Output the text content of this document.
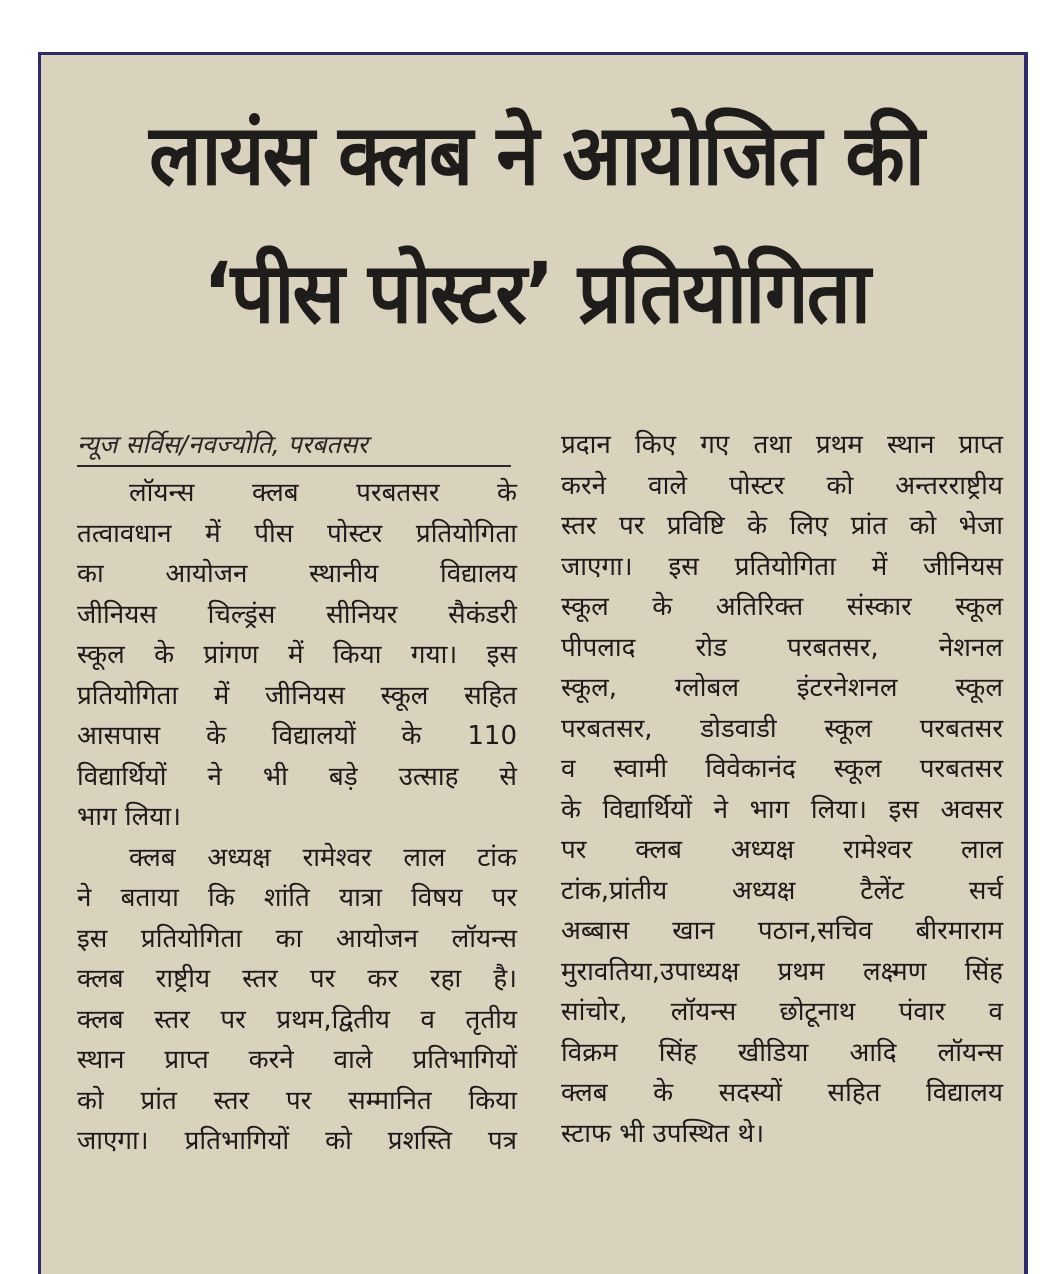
लायंस क्लब ने आयोजित की
‘पीस पोस्टर’ प्रतियोगिता
न्यूज सर्विस/नवज्योति, परबतसर
लॉयन्स क्लब परबतसर के
तत्वावधान में पीस पोस्टर प्रतियोगिता
का आयोजन स्थानीय विद्यालय
जीनियस चिल्ड्रंस सीनियर सैकंडरी
स्कूल के प्रांगण में किया गया। इस
प्रतियोगिता में जीनियस स्कूल सहित
आसपास के विद्यालयों के 110
विद्यार्थियों ने भी बड़े उत्साह से
भाग लिया।
क्लब अध्यक्ष रामेश्वर लाल टांक
ने बताया कि शांति यात्रा विषय पर
इस प्रतियोगिता का आयोजन लॉयन्स
क्लब राष्ट्रीय स्तर पर कर रहा है।
क्लब स्तर पर प्रथम,द्वितीय व तृतीय
स्थान प्राप्त करने वाले प्रतिभागियों
को प्रांत स्तर पर सम्मानित किया
जाएगा। प्रतिभागियों को प्रशस्ति पत्र
प्रदान किए गए तथा प्रथम स्थान प्राप्त
करने वाले पोस्टर को अन्तरराष्ट्रीय
स्तर पर प्रविष्टि के लिए प्रांत को भेजा
जाएगा। इस प्रतियोगिता में जीनियस
स्कूल के अतिरिक्त संस्कार स्कूल
पीपलाद रोड परबतसर, नेशनल
स्कूल, ग्लोबल इंटरनेशनल स्कूल
परबतसर, डोडवाडी स्कूल परबतसर
व स्वामी विवेकानंद स्कूल परबतसर
के विद्यार्थियों ने भाग लिया। इस अवसर
पर क्लब अध्यक्ष रामेश्वर लाल
टांक,प्रांतीय अध्यक्ष टैलेंट सर्च
अब्बास खान पठान,सचिव बीरमाराम
मुरावतिया,उपाध्यक्ष प्रथम लक्ष्मण सिंह
सांचोर, लॉयन्स छोटूनाथ पंवार व
विक्रम सिंह खीडिया आदि लॉयन्स
क्लब के सदस्यों सहित विद्यालय
स्टाफ भी उपस्थित थे।
